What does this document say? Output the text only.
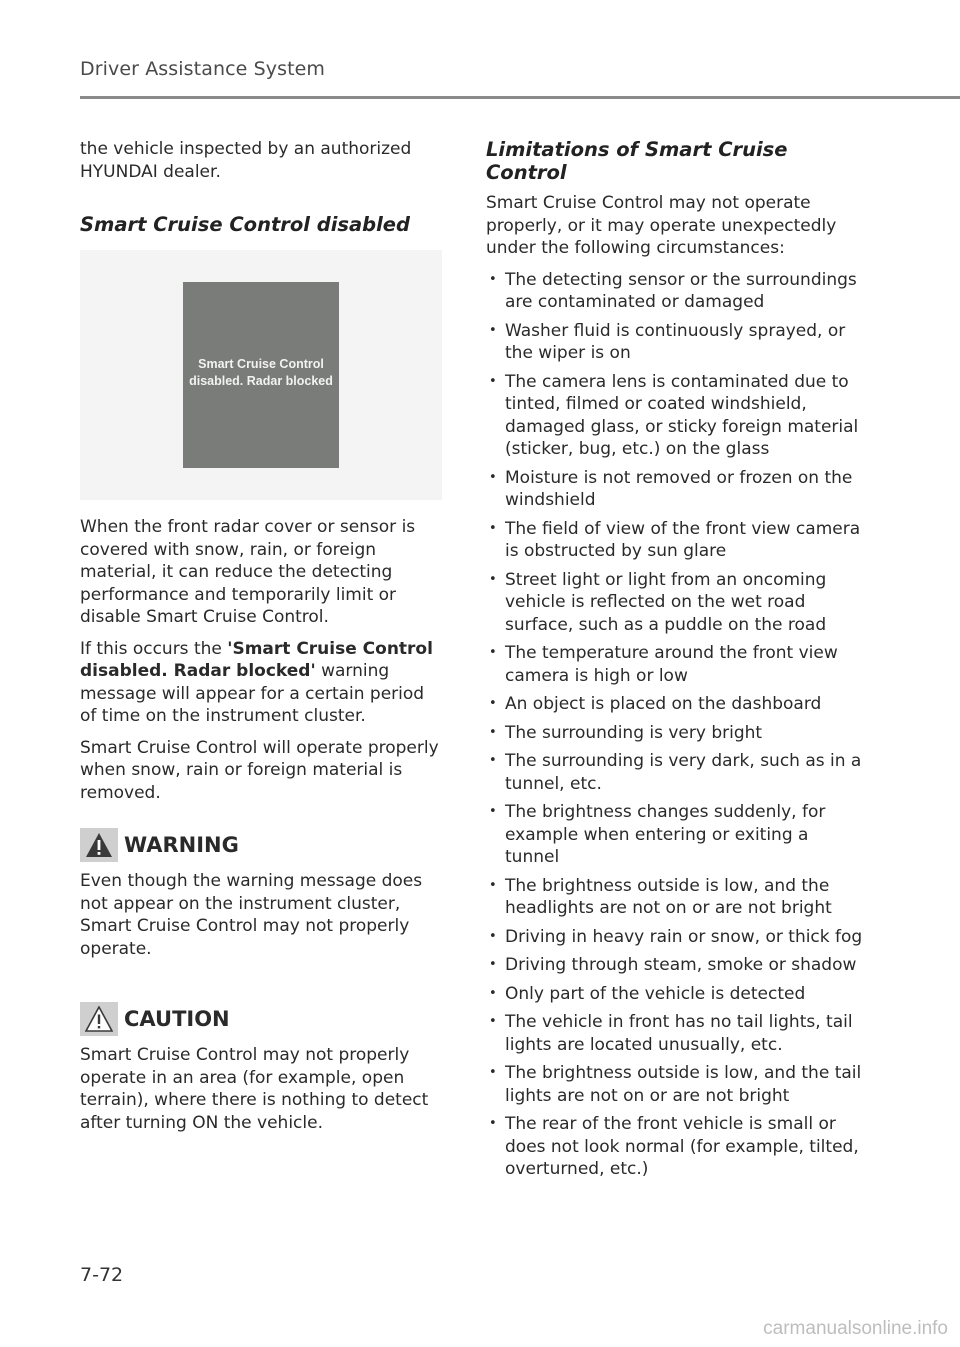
Driver Assistance System

the vehicle inspected by an authorized HYUNDAI dealer.

Smart Cruise Control disabled
Smart Cruise Control
disabled. Radar blocked

When the front radar cover or sensor is covered with snow, rain, or foreign material, it can reduce the detecting performance and temporarily limit or disable Smart Cruise Control.

If this occurs the 'Smart Cruise Control disabled. Radar blocked' warning message will appear for a certain period of time on the instrument cluster.

Smart Cruise Control will operate properly when snow, rain or foreign material is removed.

WARNING

Even though the warning message does not appear on the instrument cluster, Smart Cruise Control may not properly operate.

CAUTION

Smart Cruise Control may not properly operate in an area (for example, open terrain), where there is nothing to detect after turning ON the vehicle.

Limitations of Smart Cruise Control

Smart Cruise Control may not operate properly, or it may operate unexpectedly under the following circumstances:

• The detecting sensor or the surroundings are contaminated or damaged
• Washer fluid is continuously sprayed, or the wiper is on
• The camera lens is contaminated due to tinted, filmed or coated windshield, damaged glass, or sticky foreign material (sticker, bug, etc.) on the glass
• Moisture is not removed or frozen on the windshield
• The field of view of the front view camera is obstructed by sun glare
• Street light or light from an oncoming vehicle is reflected on the wet road surface, such as a puddle on the road
• The temperature around the front view camera is high or low
• An object is placed on the dashboard
• The surrounding is very bright
• The surrounding is very dark, such as in a tunnel, etc.
• The brightness changes suddenly, for example when entering or exiting a tunnel
• The brightness outside is low, and the headlights are not on or are not bright
• Driving in heavy rain or snow, or thick fog
• Driving through steam, smoke or shadow
• Only part of the vehicle is detected
• The vehicle in front has no tail lights, tail lights are located unusually, etc.
• The brightness outside is low, and the tail lights are not on or are not bright
• The rear of the front vehicle is small or does not look normal (for example, tilted, overturned, etc.)
7-72
carmanualsonline.info
